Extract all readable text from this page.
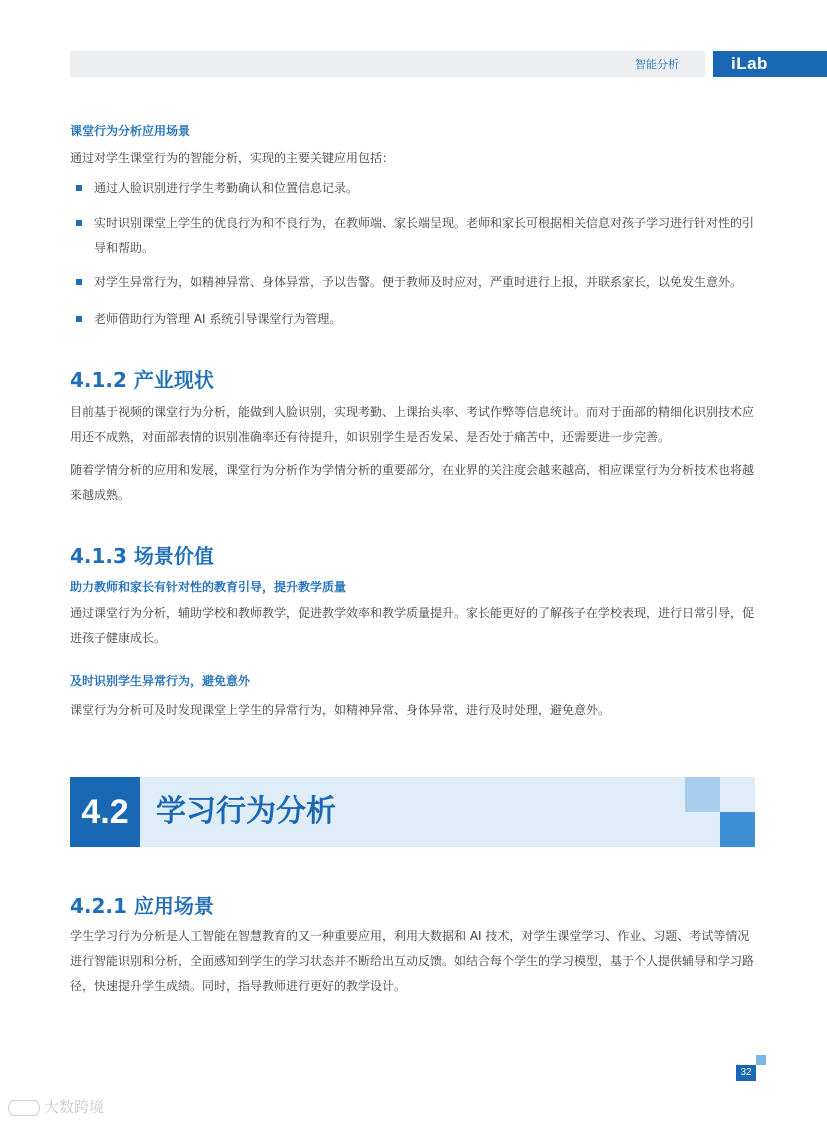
智能分析	iLab
课堂行为分析应用场景
通过对学生课堂行为的智能分析，实现的主要关键应用包括：
通过人脸识别进行学生考勤确认和位置信息记录。
实时识别课堂上学生的优良行为和不良行为，在教师端、家长端呈现。老师和家长可根据相关信息对孩子学习进行针对性的引导和帮助。
对学生异常行为，如精神异常、身体异常，予以告警。便于教师及时应对，严重时进行上报，并联系家长，以免发生意外。
老师借助行为管理 AI 系统引导课堂行为管理。
4.1.2 产业现状
目前基于视频的课堂行为分析，能做到人脸识别，实现考勤、上课抬头率、考试作弊等信息统计。而对于面部的精细化识别技术应用还不成熟，对面部表情的识别准确率还有待提升，如识别学生是否发呆、是否处于痛苦中，还需要进一步完善。
随着学情分析的应用和发展，课堂行为分析作为学情分析的重要部分，在业界的关注度会越来越高，相应课堂行为分析技术也将越来越成熟。
4.1.3 场景价值
助力教师和家长有针对性的教育引导，提升教学质量
通过课堂行为分析，辅助学校和教师教学，促进教学效率和教学质量提升。家长能更好的了解孩子在学校表现，进行日常引导，促进孩子健康成长。
及时识别学生异常行为，避免意外
课堂行为分析可及时发现课堂上学生的异常行为，如精神异常、身体异常，进行及时处理，避免意外。
4.2 学习行为分析
4.2.1 应用场景
学生学习行为分析是人工智能在智慧教育的又一种重要应用，利用大数据和 AI 技术，对学生课堂学习、作业、习题、考试等情况进行智能识别和分析，全面感知到学生的学习状态并不断给出互动反馈。如结合每个学生的学习模型，基于个人提供辅导和学习路径，快速提升学生成绩。同时，指导教师进行更好的教学设计。
32
大数跨境
